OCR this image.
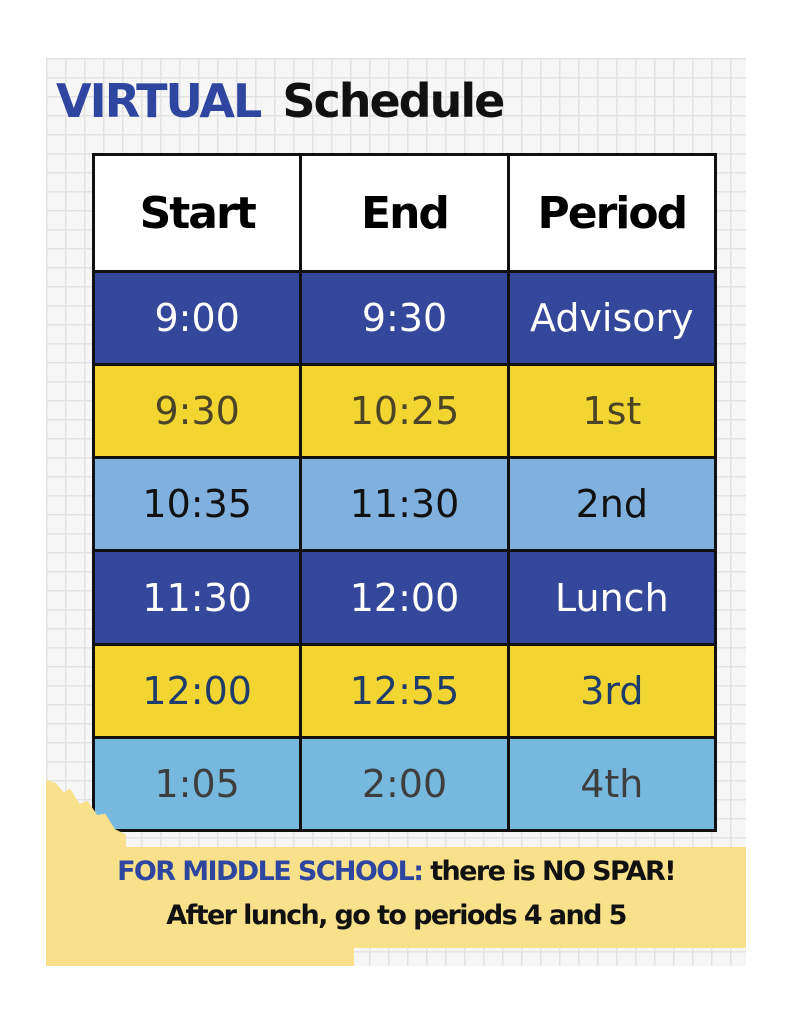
VIRTUAL Schedule
Start	End	Period
9:00	9:30	Advisory
9:30	10:25	1st
10:35	11:30	2nd
11:30	12:00	Lunch
12:00	12:55	3rd
1:05	2:00	4th
FOR MIDDLE SCHOOL: there is NO SPAR!
After lunch, go to periods 4 and 5
